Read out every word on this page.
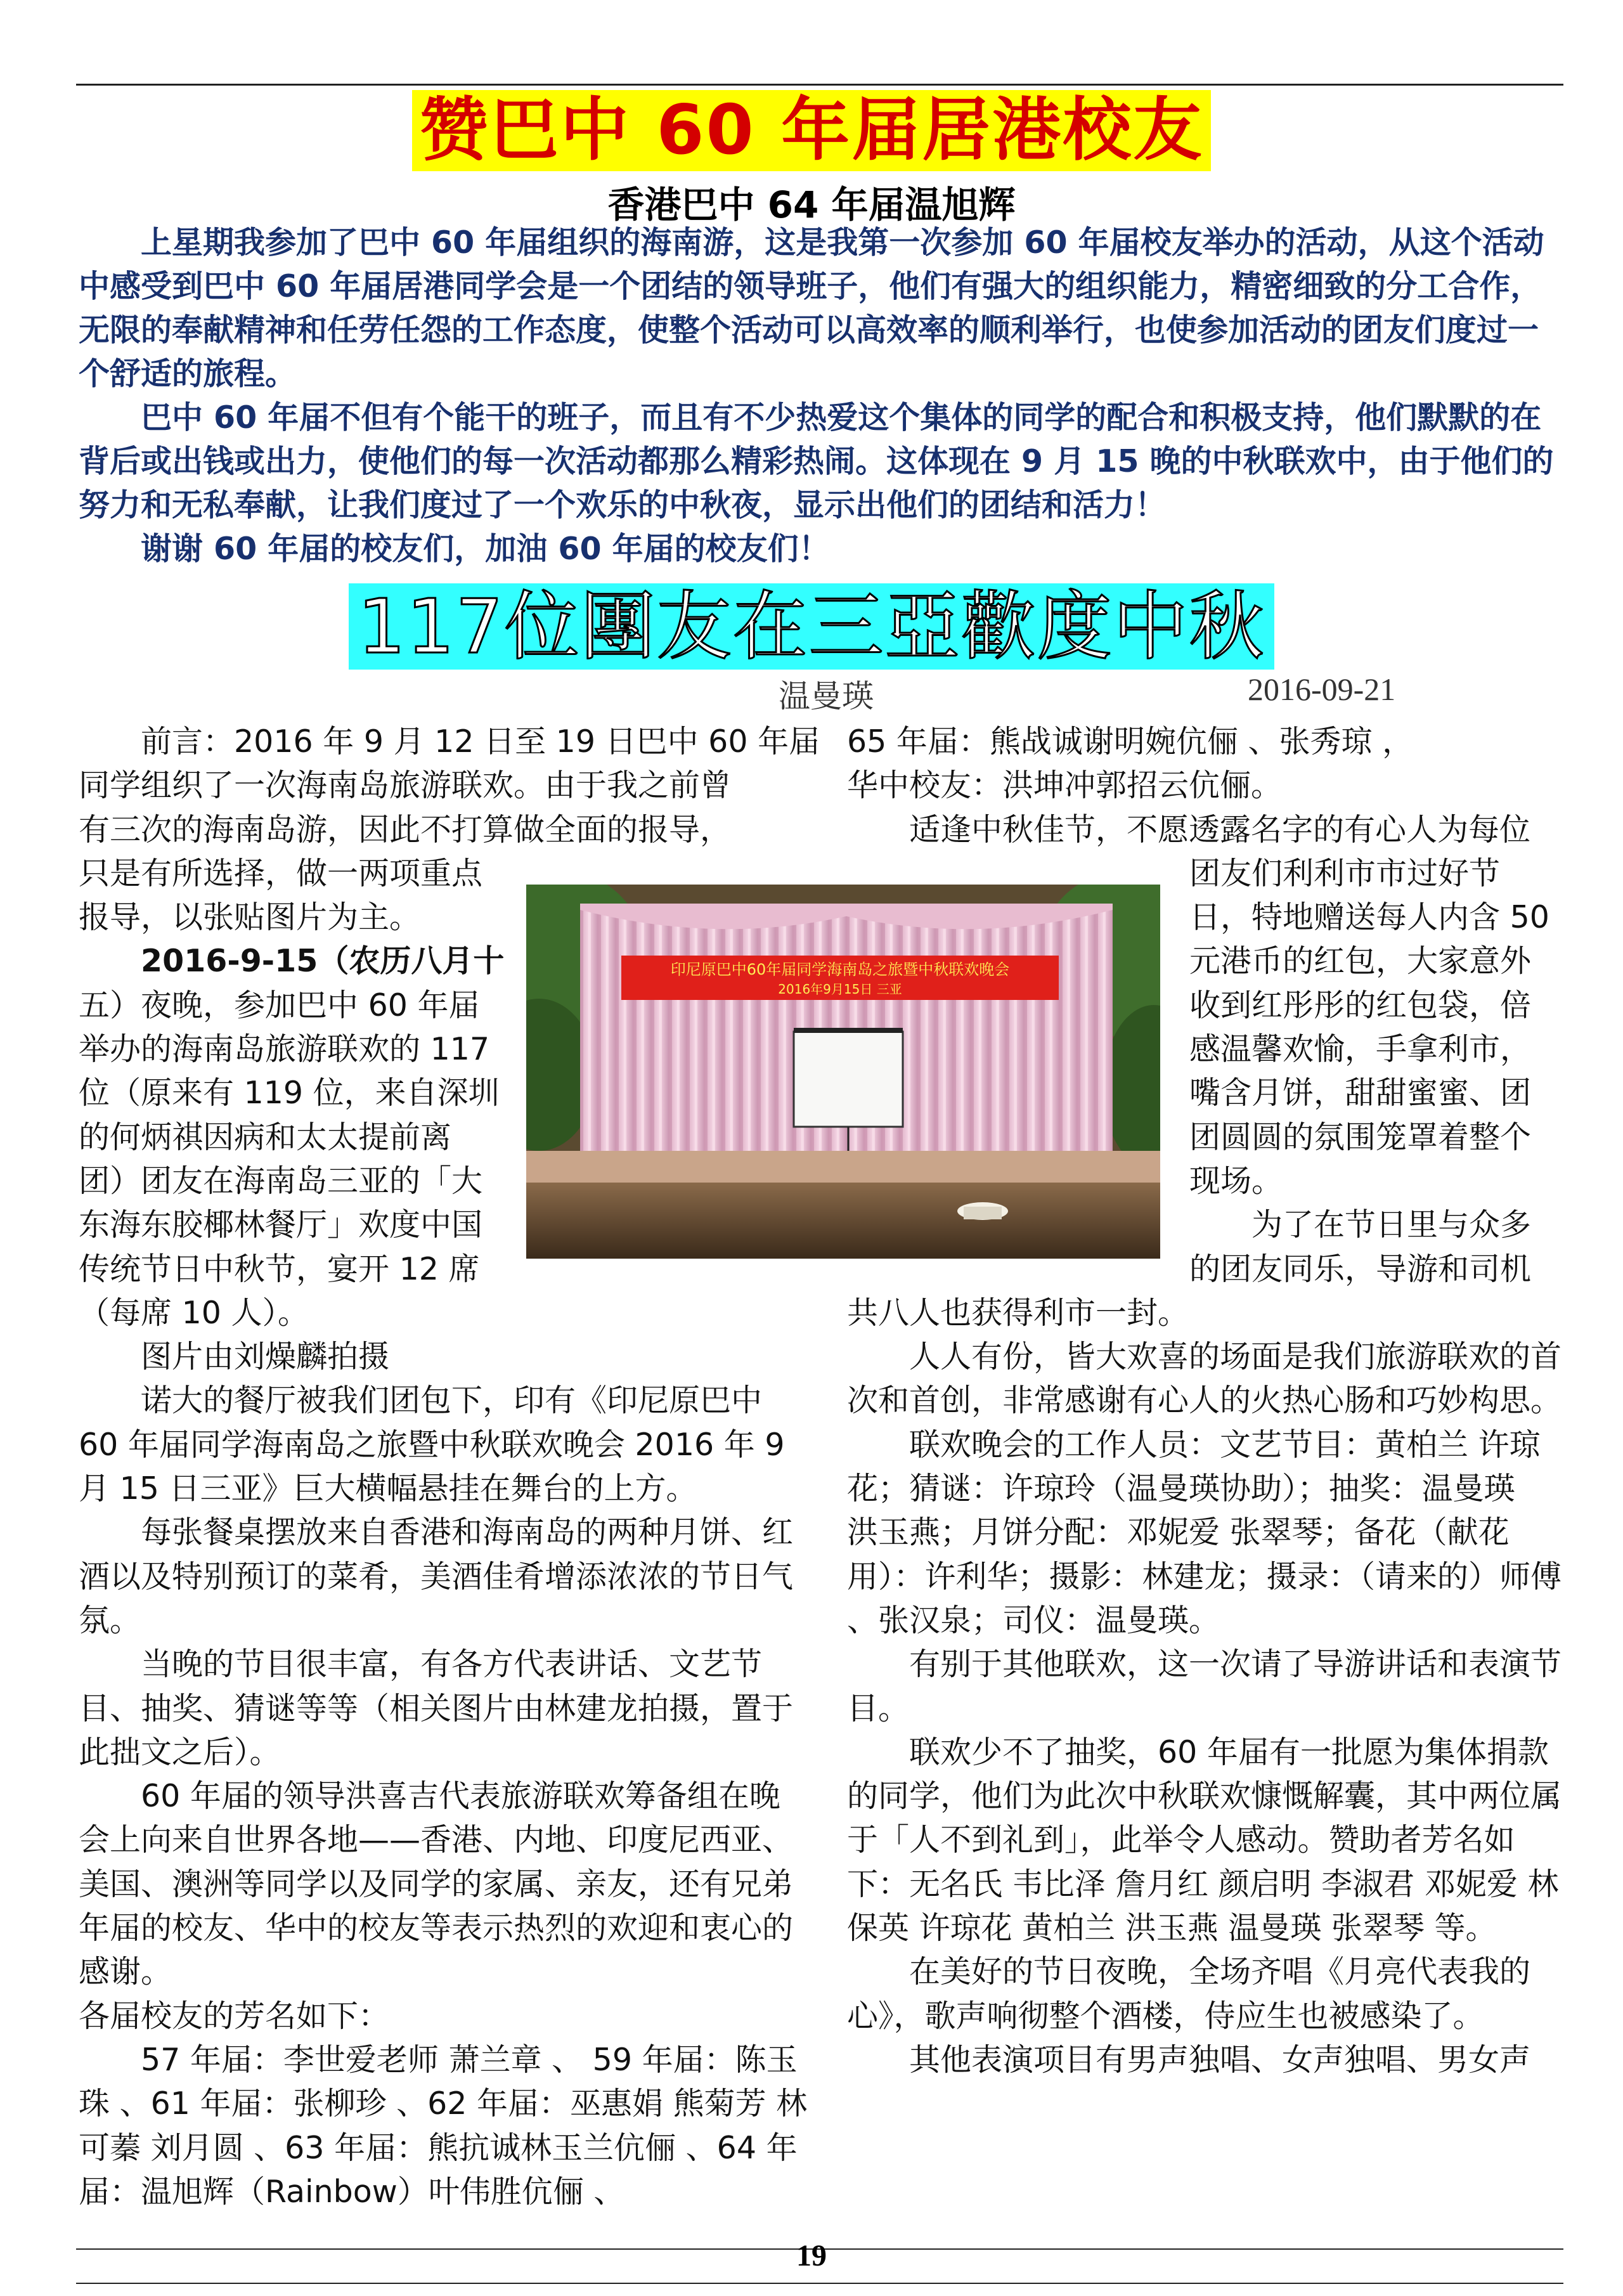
赞巴中 60 年届居港校友
香港巴中 64 年届温旭辉

上星期我参加了巴中 60 年届组织的海南游，这是我第一次参加 60 年届校友举办的活动，从这个活动中感受到巴中 60 年届居港同学会是一个团结的领导班子，他们有强大的组织能力，精密细致的分工合作，无限的奉献精神和任劳任怨的工作态度，使整个活动可以高效率的顺利举行，也使参加活动的团友们度过一个舒适的旅程。

巴中 60 年届不但有个能干的班子，而且有不少热爱这个集体的同学的配合和积极支持，他们默默的在背后或出钱或出力，使他们的每一次活动都那么精彩热闹。这体现在 9 月 15 晚的中秋联欢中，由于他们的努力和无私奉献，让我们度过了一个欢乐的中秋夜，显示出他们的团结和活力！

谢谢 60 年届的校友们，加油 60 年届的校友们！

117位團友在三亞歡度中秋
温曼瑛	2016-09-21
前言：2016 年 9 月 12 日至 19 日巴中 60 年届
同学组织了一次海南岛旅游联欢。由于我之前曾
有三次的海南岛游，因此不打算做全面的报导，
只是有所选择，做一两项重点
报导，以张贴图片为主。
2016-9-15（农历八月十
五）夜晚，参加巴中 60 年届
举办的海南岛旅游联欢的 117
位（原来有 119 位，来自深圳
的何炳祺因病和太太提前离
团）团友在海南岛三亚的「大
东海东胶椰林餐厅」欢度中国
传统节日中秋节，宴开 12 席
（每席 10 人）。

图片由刘燥麟拍摄

诺大的餐厅被我们团包下，印有《印尼原巴中 60 年届同学海南岛之旅暨中秋联欢晚会 2016 年 9 月 15 日三亚》巨大横幅悬挂在舞台的上方。

每张餐桌摆放来自香港和海南岛的两种月饼、红酒以及特别预订的菜肴，美酒佳肴增添浓浓的节日气氛。

当晚的节目很丰富，有各方代表讲话、文艺节目、抽奖、猜谜等等（相关图片由林建龙拍摄，置于此拙文之后）。

60 年届的领导洪喜吉代表旅游联欢筹备组在晚会上向来自世界各地——香港、内地、印度尼西亚、美国、澳洲等同学以及同学的家属、亲友，还有兄弟年届的校友、华中的校友等表示热烈的欢迎和衷心的感谢。

各届校友的芳名如下：

57 年届：李世爱老师 萧兰章 、 59 年届：陈玉珠 、61 年届：张柳珍 、62 年届：巫惠娟 熊菊芳 林可蓁 刘月圆 、63 年届：熊抗诚林玉兰伉俪 、64 年届：温旭辉（Rainbow）叶伟胜伉俪 、

65 年届：熊战诚谢明婉伉俪 、张秀琼 ，
华中校友：洪坤冲郭招云伉俪。
适逢中秋佳节，不愿透露名字的有心人为每位
团友们利利市市过好节
日，特地赠送每人内含 50
元港币的红包，大家意外
收到红彤彤的红包袋，倍
感温馨欢愉，手拿利市，
嘴含月饼，甜甜蜜蜜、团
团圆圆的氛围笼罩着整个
现场。
为了在节日里与众多
的团友同乐，导游和司机
共八人也获得利市一封。

人人有份，皆大欢喜的场面是我们旅游联欢的首次和首创，非常感谢有心人的火热心肠和巧妙构思。

联欢晚会的工作人员：文艺节目：黄柏兰 许琼花；猜谜：许琼玲（温曼瑛协助）；抽奖：温曼瑛

洪玉燕；月饼分配：邓妮爱 张翠琴；备花（献花用）：许利华；摄影：林建龙；摄录：（请来的）师傅 、张汉泉；司仪：温曼瑛。

有别于其他联欢，这一次请了导游讲话和表演节目。

联欢少不了抽奖，60 年届有一批愿为集体捐款的同学，他们为此次中秋联欢慷慨解囊，其中两位属于「人不到礼到」，此举令人感动。赞助者芳名如下：无名氏 韦比泽 詹月红 颜启明 李淑君 邓妮爱 林保英 许琼花 黄柏兰 洪玉燕 温曼瑛 张翠琴 等。

在美好的节日夜晚，全场齐唱《月亮代表我的心》，歌声响彻整个酒楼，侍应生也被感染了。

其他表演项目有男声独唱、女声独唱、男女声

印尼原巴中60年届同学海南岛之旅暨中秋联欢晚会
2016年9月15日 三亚
19
